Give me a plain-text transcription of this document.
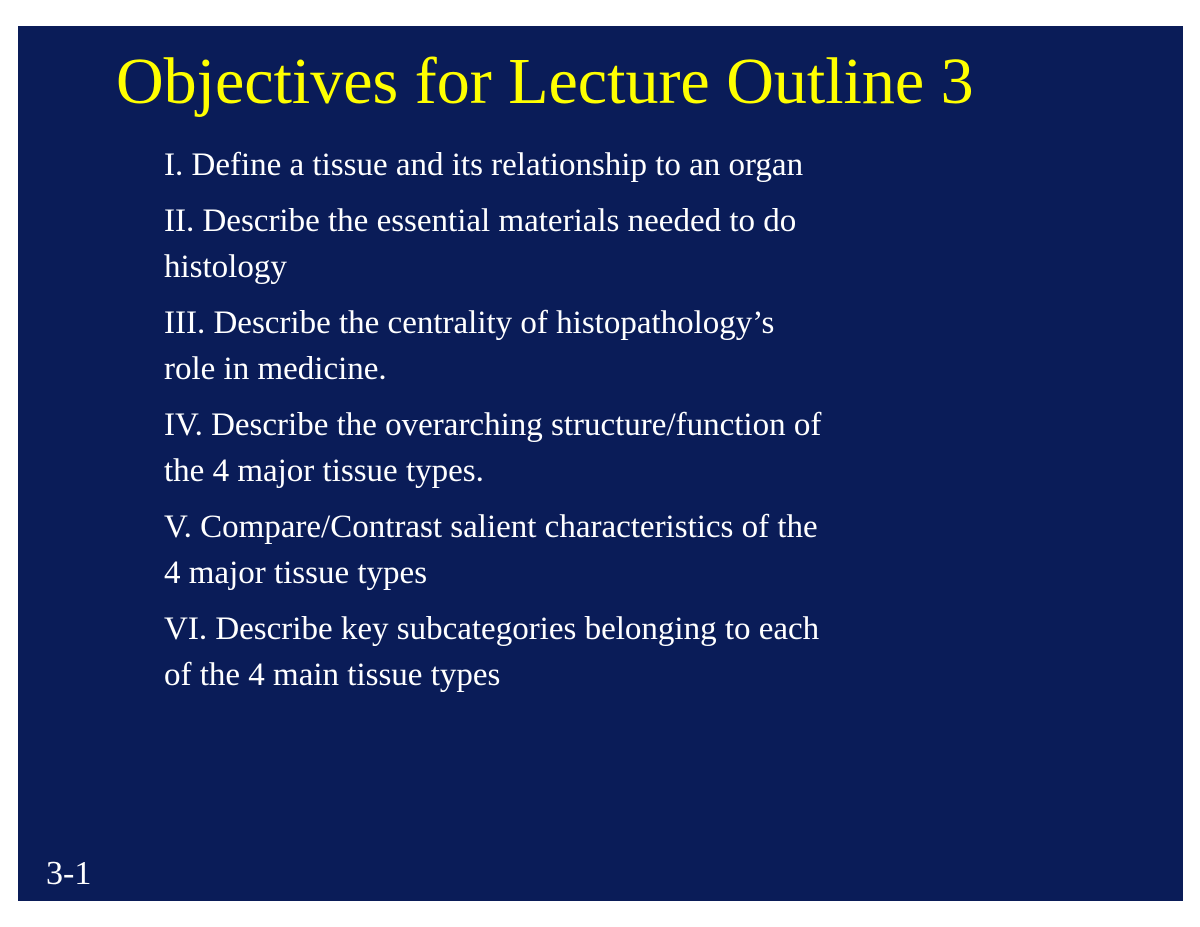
Objectives for Lecture Outline 3
I. Define a tissue and its relationship to an organ
II. Describe the essential materials needed to do
histology
III. Describe the centrality of histopathology’s
role in medicine.
IV. Describe the overarching structure/function of
the 4 major tissue types.
V. Compare/Contrast salient characteristics of the
4 major tissue types
VI. Describe key subcategories belonging to each
of the 4 main tissue types
3-1
